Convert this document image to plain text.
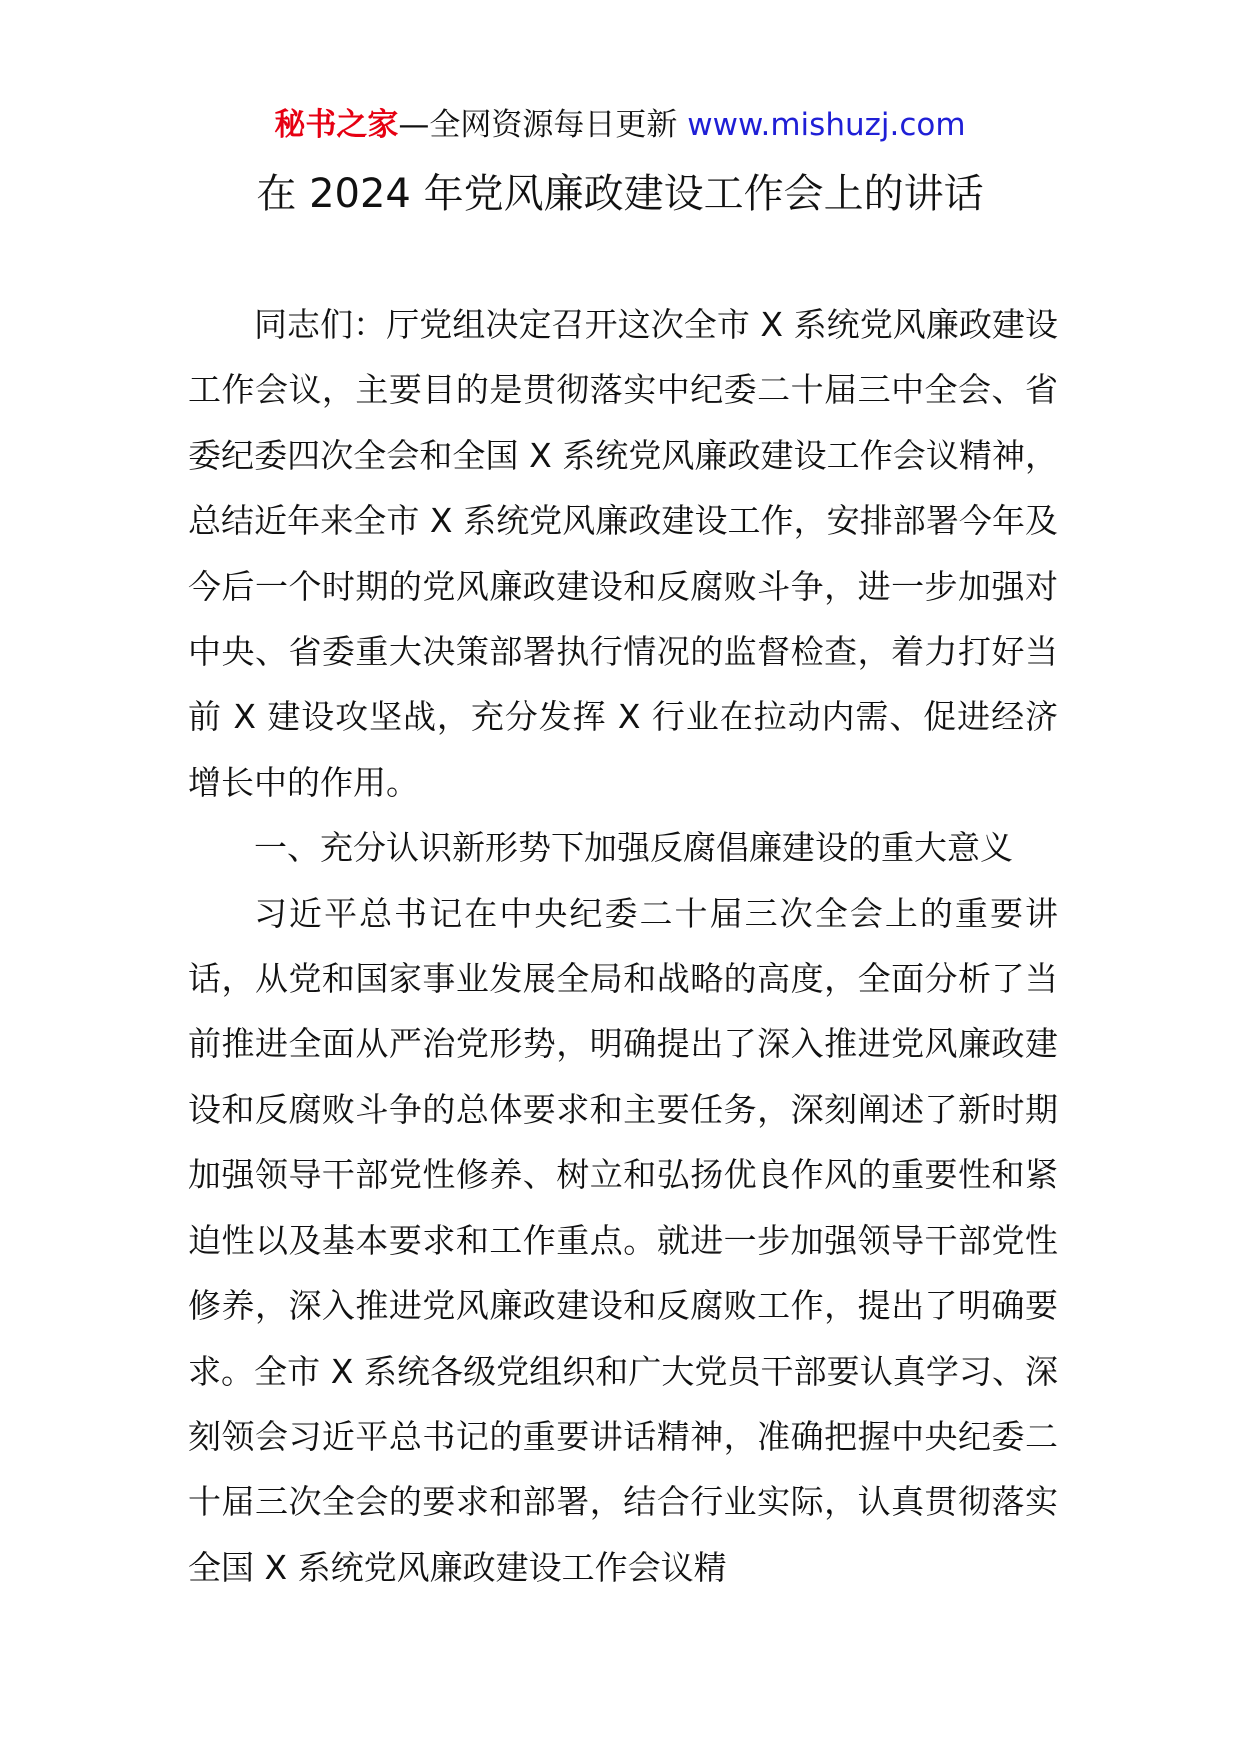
秘书之家—全网资源每日更新 www.mishuzj.com
在 2024 年党风廉政建设工作会上的讲话

同志们：厅党组决定召开这次全市 X 系统党风廉政建设工作会议，主要目的是贯彻落实中纪委二十届三中全会、省委纪委四次全会和全国 X 系统党风廉政建设工作会议精神，总结近年来全市 X 系统党风廉政建设工作，安排部署今年及今后一个时期的党风廉政建设和反腐败斗争，进一步加强对中央、省委重大决策部署执行情况的监督检查，着力打好当前 X 建设攻坚战，充分发挥 X 行业在拉动内需、促进经济增长中的作用。

一、充分认识新形势下加强反腐倡廉建设的重大意义

习近平总书记在中央纪委二十届三次全会上的重要讲话，从党和国家事业发展全局和战略的高度，全面分析了当前推进全面从严治党形势，明确提出了深入推进党风廉政建设和反腐败斗争的总体要求和主要任务，深刻阐述了新时期加强领导干部党性修养、树立和弘扬优良作风的重要性和紧迫性以及基本要求和工作重点。就进一步加强领导干部党性修养，深入推进党风廉政建设和反腐败工作，提出了明确要求。全市 X 系统各级党组织和广大党员干部要认真学习、深刻领会习近平总书记的重要讲话精神，准确把握中央纪委二十届三次全会的要求和部署，结合行业实际，认真贯彻落实全国 X 系统党风廉政建设工作会议精
